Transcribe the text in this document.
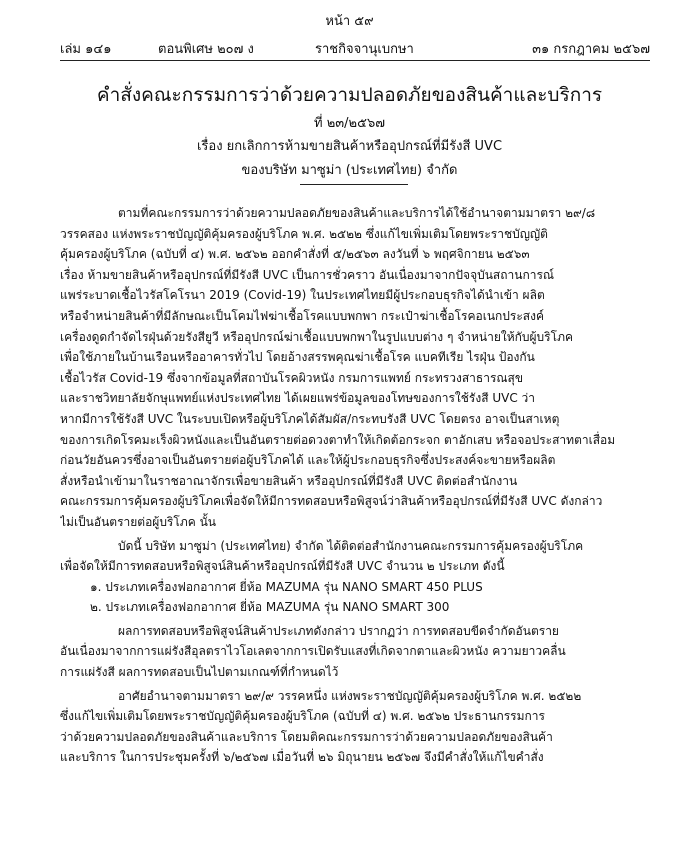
หน้า ๕๙
เล่ม ๑๔๑	ตอนพิเศษ ๒๐๗ ง	ราชกิจจานุเบกษา	๓๑ กรกฎาคม ๒๕๖๗
คำสั่งคณะกรรมการว่าด้วยความปลอดภัยของสินค้าและบริการ
ที่ ๒๓/๒๕๖๗
เรื่อง ยกเลิกการห้ามขายสินค้าหรืออุปกรณ์ที่มีรังสี UVC
ของบริษัท มาซูม่า (ประเทศไทย) จำกัด
ตามที่คณะกรรมการว่าด้วยความปลอดภัยของสินค้าและบริการได้ใช้อำนาจตามมาตรา ๒๙/๘
วรรคสอง แห่งพระราชบัญญัติคุ้มครองผู้บริโภค พ.ศ. ๒๕๒๒ ซึ่งแก้ไขเพิ่มเติมโดยพระราชบัญญัติ
คุ้มครองผู้บริโภค (ฉบับที่ ๔) พ.ศ. ๒๕๖๒ ออกคำสั่งที่ ๕/๒๕๖๓ ลงวันที่ ๖ พฤศจิกายน ๒๕๖๓
เรื่อง ห้ามขายสินค้าหรืออุปกรณ์ที่มีรังสี UVC เป็นการชั่วคราว อันเนื่องมาจากปัจจุบันสถานการณ์
แพร่ระบาดเชื้อไวรัสโคโรนา 2019 (Covid-19) ในประเทศไทยมีผู้ประกอบธุรกิจได้นำเข้า ผลิต
หรือจำหน่ายสินค้าที่มีลักษณะเป็นโคมไฟฆ่าเชื้อโรคแบบพกพา กระเป๋าฆ่าเชื้อโรคอเนกประสงค์
เครื่องดูดกำจัดไรฝุ่นด้วยรังสียูวี หรืออุปกรณ์ฆ่าเชื้อแบบพกพาในรูปแบบต่าง ๆ จำหน่ายให้กับผู้บริโภค
เพื่อใช้ภายในบ้านเรือนหรืออาคารทั่วไป โดยอ้างสรรพคุณฆ่าเชื้อโรค แบคทีเรีย ไรฝุ่น ป้องกัน
เชื้อไวรัส Covid-19 ซึ่งจากข้อมูลที่สถาบันโรคผิวหนัง กรมการแพทย์ กระทรวงสาธารณสุข
และราชวิทยาลัยจักษุแพทย์แห่งประเทศไทย ได้เผยแพร่ข้อมูลของโทษของการใช้รังสี UVC ว่า
หากมีการใช้รังสี UVC ในระบบเปิดหรือผู้บริโภคได้สัมผัส/กระทบรังสี UVC โดยตรง อาจเป็นสาเหตุ
ของการเกิดโรคมะเร็งผิวหนังและเป็นอันตรายต่อดวงตาทำให้เกิดต้อกระจก ตาอักเสบ หรือจอประสาทตาเสื่อม
ก่อนวัยอันควรซึ่งอาจเป็นอันตรายต่อผู้บริโภคได้ และให้ผู้ประกอบธุรกิจซึ่งประสงค์จะขายหรือผลิต
สั่งหรือนำเข้ามาในราชอาณาจักรเพื่อขายสินค้า หรืออุปกรณ์ที่มีรังสี UVC ติดต่อสำนักงาน
คณะกรรมการคุ้มครองผู้บริโภคเพื่อจัดให้มีการทดสอบหรือพิสูจน์ว่าสินค้าหรืออุปกรณ์ที่มีรังสี UVC ดังกล่าว
ไม่เป็นอันตรายต่อผู้บริโภค นั้น
บัดนี้ บริษัท มาซูม่า (ประเทศไทย) จำกัด ได้ติดต่อสำนักงานคณะกรรมการคุ้มครองผู้บริโภค
เพื่อจัดให้มีการทดสอบหรือพิสูจน์สินค้าหรืออุปกรณ์ที่มีรังสี UVC จำนวน ๒ ประเภท ดังนี้
๑. ประเภทเครื่องฟอกอากาศ ยี่ห้อ MAZUMA รุ่น NANO SMART 450 PLUS
๒. ประเภทเครื่องฟอกอากาศ ยี่ห้อ MAZUMA รุ่น NANO SMART 300
ผลการทดสอบหรือพิสูจน์สินค้าประเภทดังกล่าว ปรากฏว่า การทดสอบขีดจำกัดอันตราย
อันเนื่องมาจากการแผ่รังสีอุลตราไวโอเลตจากการเปิดรับแสงที่เกิดจากตาและผิวหนัง ความยาวคลื่น
การแผ่รังสี ผลการทดสอบเป็นไปตามเกณฑ์ที่กำหนดไว้
อาศัยอำนาจตามมาตรา ๒๙/๙ วรรคหนึ่ง แห่งพระราชบัญญัติคุ้มครองผู้บริโภค พ.ศ. ๒๕๒๒
ซึ่งแก้ไขเพิ่มเติมโดยพระราชบัญญัติคุ้มครองผู้บริโภค (ฉบับที่ ๔) พ.ศ. ๒๕๖๒ ประธานกรรมการ
ว่าด้วยความปลอดภัยของสินค้าและบริการ โดยมติคณะกรรมการว่าด้วยความปลอดภัยของสินค้า
และบริการ ในการประชุมครั้งที่ ๖/๒๕๖๗ เมื่อวันที่ ๒๖ มิถุนายน ๒๕๖๗ จึงมีคำสั่งให้แก้ไขคำสั่ง
